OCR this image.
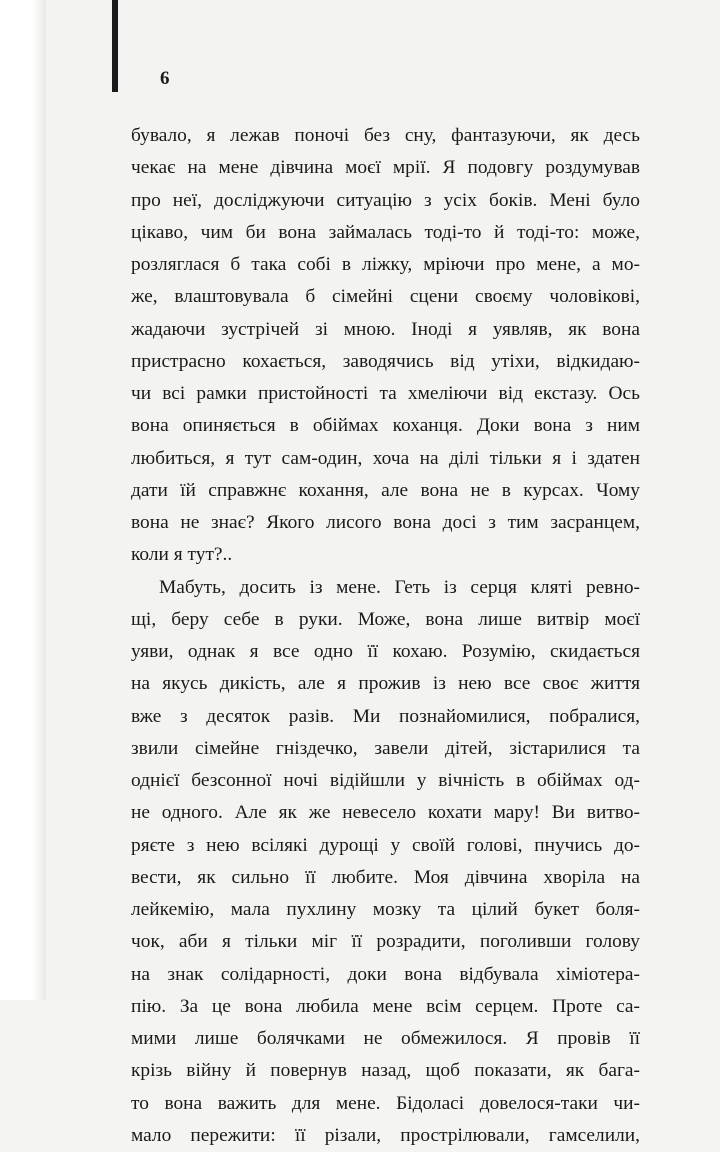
6
бувало, я лежав поночі без сну, фантазуючи, як десь
чекає на мене дівчина моєї мрії. Я подовгу роздумував
про неї, досліджуючи ситуацію з усіх боків. Мені було
цікаво, чим би вона займалась тоді-то й тоді-то: може,
розляглася б така собі в ліжку, мріючи про мене, а мо-
же, влаштовувала б сімейні сцени своєму чоловікові,
жадаючи зустрічей зі мною. Іноді я уявляв, як вона
пристрасно кохається, заводячись від утіхи, відкидаю-
чи всі рамки пристойності та хмеліючи від екстазу. Ось
вона опиняється в обіймах коханця. Доки вона з ним
любиться, я тут сам-один, хоча на ділі тільки я і здатен
дати їй справжнє кохання, але вона не в курсах. Чому
вона не знає? Якого лисого вона досі з тим засранцем,
коли я тут?..
Мабуть, досить із мене. Геть із серця кляті ревно-
щі, беру себе в руки. Може, вона лише витвір моєї
уяви, однак я все одно її кохаю. Розумію, скидається
на якусь дикість, але я прожив із нею все своє життя
вже з десяток разів. Ми познайомилися, побралися,
звили сімейне гніздечко, завели дітей, зістарилися та
однієї безсонної ночі відійшли у вічність в обіймах од-
не одного. Але як же невесело кохати мару! Ви витво-
ряєте з нею всілякі дурощі у своїй голові, пнучись до-
вести, як сильно її любите. Моя дівчина хворіла на
лейкемію, мала пухлину мозку та цілий букет боля-
чок, аби я тільки міг її розрадити, поголивши голову
на знак солідарності, доки вона відбувала хіміотера-
пію. За це вона любила мене всім серцем. Проте са-
мими лише болячками не обмежилося. Я провів її
крізь війну й повернув назад, щоб показати, як бага-
то вона важить для мене. Бідоласі довелося-таки чи-
мало пережити: її різали, прострілювали, гамселили,
